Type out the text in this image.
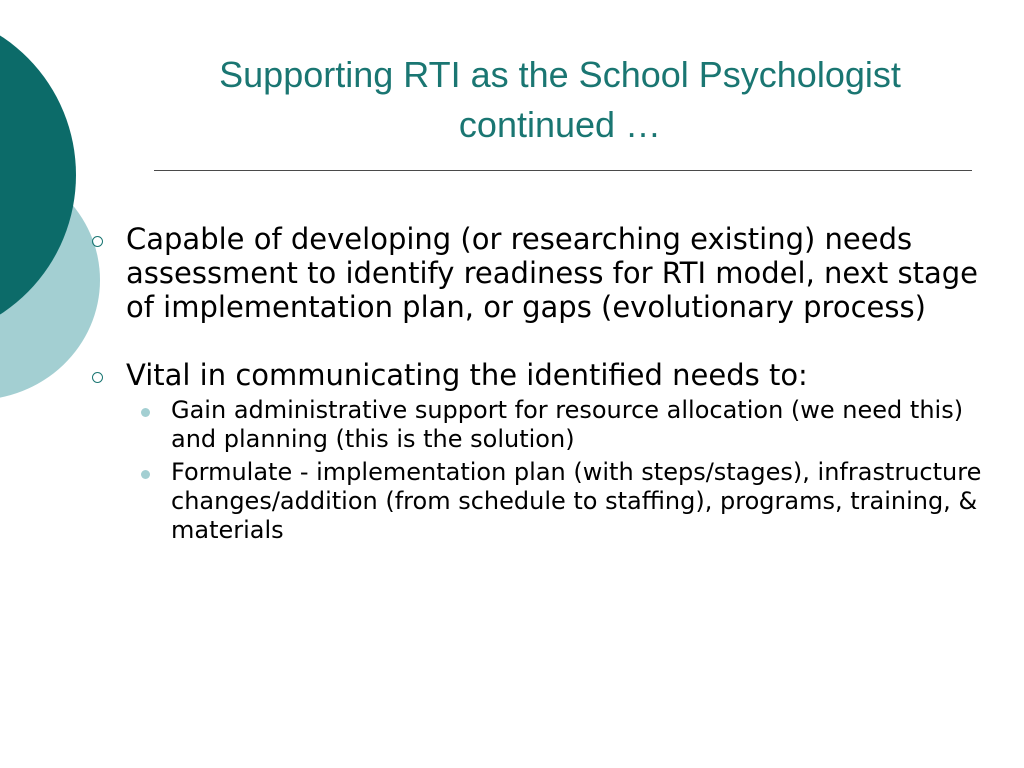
Supporting RTI as the School Psychologist
continued …
Capable of developing (or researching existing) needs assessment to identify readiness for RTI model, next stage of implementation plan, or gaps (evolutionary process)
Vital in communicating the identified needs to:
Gain administrative support for resource allocation (we need this) and planning (this is the solution)
Formulate - implementation plan (with steps/stages), infrastructure changes/addition (from schedule to staffing), programs, training, & materials
